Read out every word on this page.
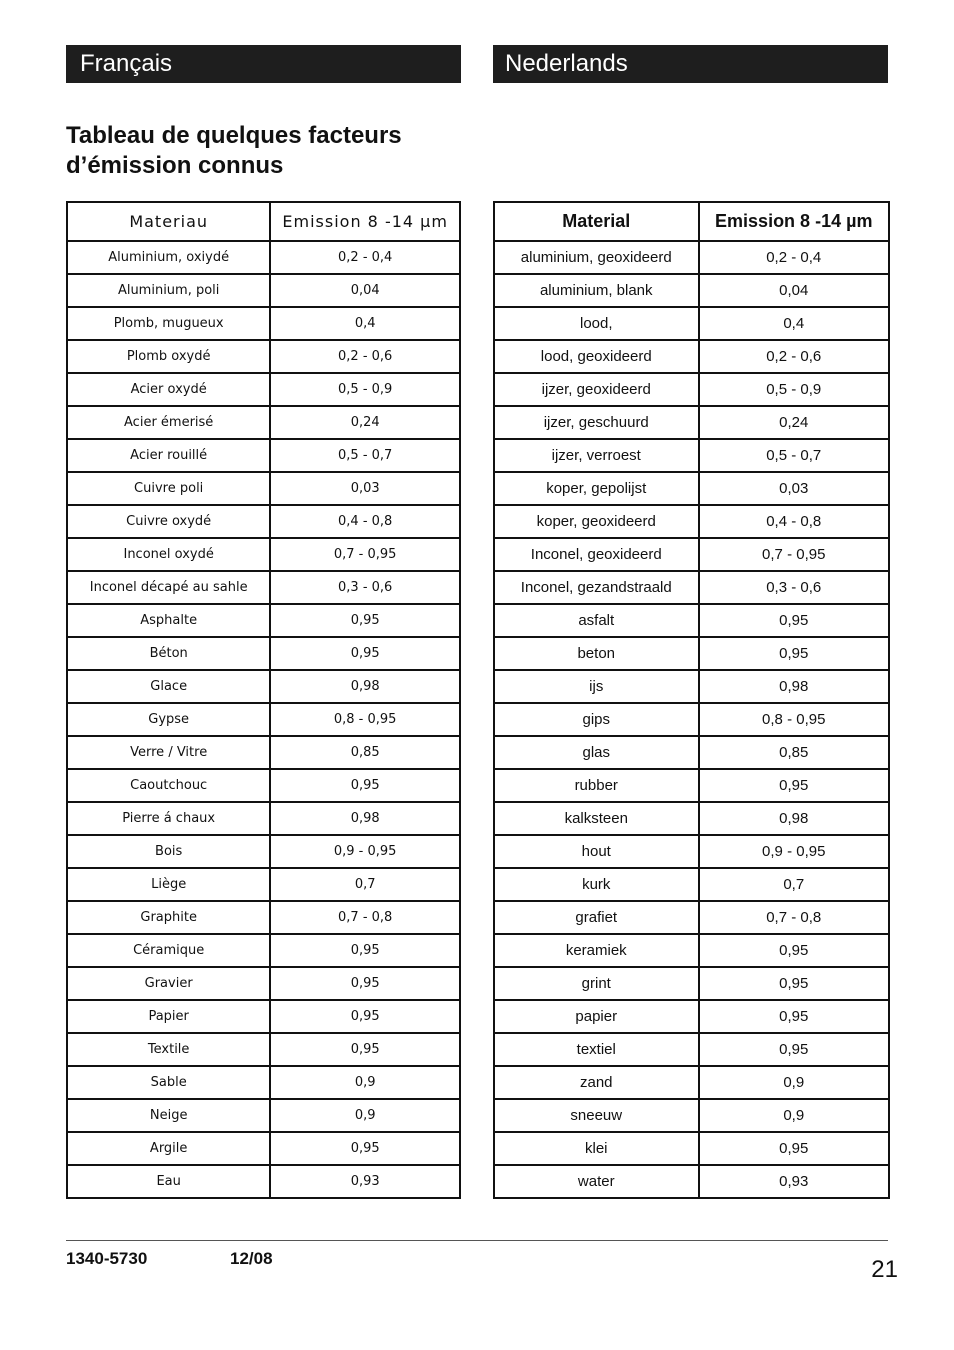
Français	Nederlands
Tableau de quelques facteurs
d’émission connus
Materiau	Emission 8 -14 µm
Aluminium, oxiydé	0,2 - 0,4
Aluminium, poli	0,04
Plomb, mugueux	0,4
Plomb oxydé	0,2 - 0,6
Acier oxydé	0,5 - 0,9
Acier émerisé	0,24
Acier rouillé	0,5 - 0,7
Cuivre poli	0,03
Cuivre oxydé	0,4 - 0,8
Inconel oxydé	0,7 - 0,95
Inconel décapé au sahle	0,3 - 0,6
Asphalte	0,95
Béton	0,95
Glace	0,98
Gypse	0,8 - 0,95
Verre / Vitre	0,85
Caoutchouc	0,95
Pierre á chaux	0,98
Bois	0,9 - 0,95
Liège	0,7
Graphite	0,7 - 0,8
Céramique	0,95
Gravier	0,95
Papier	0,95
Textile	0,95
Sable	0,9
Neige	0,9
Argile	0,95
Eau	0,93
Material	Emission 8 -14 µm
aluminium, geoxideerd	0,2 - 0,4
aluminium, blank	0,04
lood,	0,4
lood, geoxideerd	0,2 - 0,6
ijzer, geoxideerd	0,5 - 0,9
ijzer, geschuurd	0,24
ijzer, verroest	0,5 - 0,7
koper, gepolijst	0,03
koper, geoxideerd	0,4 - 0,8
Inconel, geoxideerd	0,7 - 0,95
Inconel, gezandstraald	0,3 - 0,6
asfalt	0,95
beton	0,95
ijs	0,98
gips	0,8 - 0,95
glas	0,85
rubber	0,95
kalksteen	0,98
hout	0,9 - 0,95
kurk	0,7
grafiet	0,7 - 0,8
keramiek	0,95
grint	0,95
papier	0,95
textiel	0,95
zand	0,9
sneeuw	0,9
klei	0,95
water	0,93
1340-5730	12/08	21
